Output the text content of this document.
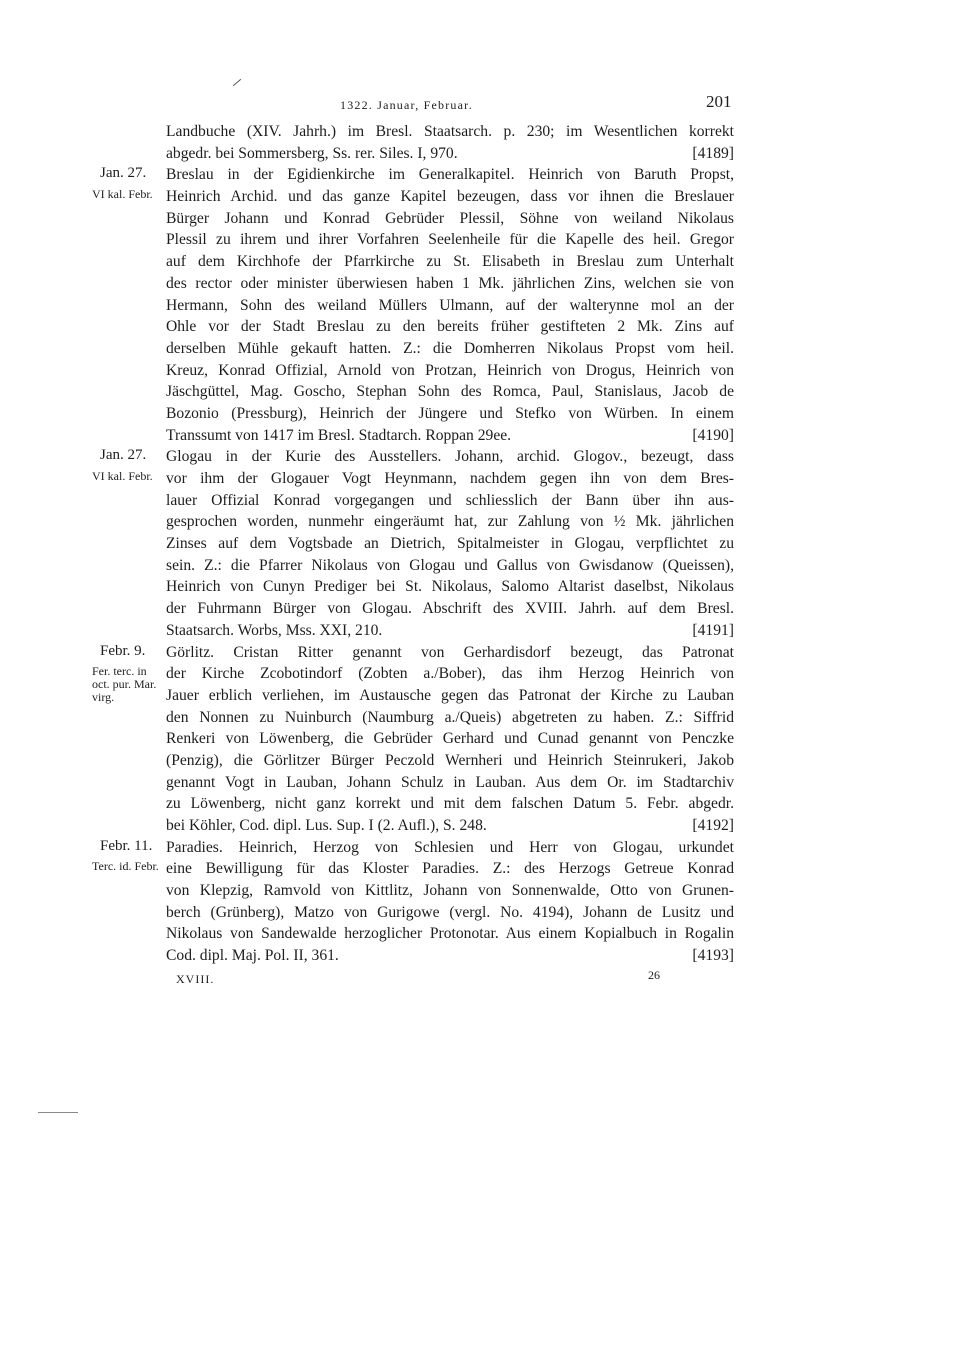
1322. Januar, Februar.	201
Landbuche (XIV. Jahrh.) im Bresl. Staatsarch. p. 230; im Wesentlichen korrekt
abgedr. bei Sommersberg, Ss. rer. Siles. I, 970.	[4189]
Jan. 27. Breslau in der Egidienkirche im Generalkapitel. Heinrich von Baruth Propst,
VI kal. Febr. Heinrich Archid. und das ganze Kapitel bezeugen, dass vor ihnen die Breslauer
Bürger Johann und Konrad Gebrüder Plessil, Söhne von weiland Nikolaus
Plessil zu ihrem und ihrer Vorfahren Seelenheile für die Kapelle des heil. Gregor
auf dem Kirchhofe der Pfarrkirche zu St. Elisabeth in Breslau zum Unterhalt
des rector oder minister überwiesen haben 1 Mk. jährlichen Zins, welchen sie von
Hermann, Sohn des weiland Müllers Ulmann, auf der walterynne mol an der
Ohle vor der Stadt Breslau zu den bereits früher gestifteten 2 Mk. Zins auf
derselben Mühle gekauft hatten. Z.: die Domherren Nikolaus Propst vom heil.
Kreuz, Konrad Offizial, Arnold von Protzan, Heinrich von Drogus, Heinrich von
Jäschgüttel, Mag. Goscho, Stephan Sohn des Romca, Paul, Stanislaus, Jacob de
Bozonio (Pressburg), Heinrich der Jüngere und Stefko von Würben. In einem
Transsumt von 1417 im Bresl. Stadtarch. Roppan 29ee.	[4190]
Jan. 27. Glogau in der Kurie des Ausstellers. Johann, archid. Glogov., bezeugt, dass
VI kal. Febr. vor ihm der Glogauer Vogt Heynmann, nachdem gegen ihn von dem Bres-
lauer Offizial Konrad vorgegangen und schliesslich der Bann über ihn aus-
gesprochen worden, nunmehr eingeräumt hat, zur Zahlung von ½ Mk. jährlichen
Zinses auf dem Vogtsbade an Dietrich, Spitalmeister in Glogau, verpflichtet zu
sein. Z.: die Pfarrer Nikolaus von Glogau und Gallus von Gwisdanow (Queissen),
Heinrich von Cunyn Prediger bei St. Nikolaus, Salomo Altarist daselbst, Nikolaus
der Fuhrmann Bürger von Glogau. Abschrift des XVIII. Jahrh. auf dem Bresl.
Staatsarch. Worbs, Mss. XXI, 210.	[4191]
Febr. 9. Görlitz. Cristan Ritter genannt von Gerhardisdorf bezeugt, das Patronat
Fer. terc. in oct. pur. Mar. virg.
der Kirche Zcobotindorf (Zobten a./Bober), das ihm Herzog Heinrich von
Jauer erblich verliehen, im Austausche gegen das Patronat der Kirche zu Lauban
den Nonnen zu Nuinburch (Naumburg a./Queis) abgetreten zu haben. Z.: Siffrid
Renkeri von Löwenberg, die Gebrüder Gerhard und Cunad genannt von Penczke
(Penzig), die Görlitzer Bürger Peczold Wernheri und Heinrich Steinrukeri, Jakob
genannt Vogt in Lauban, Johann Schulz in Lauban. Aus dem Or. im Stadtarchiv
zu Löwenberg, nicht ganz korrekt und mit dem falschen Datum 5. Febr. abgedr.
bei Köhler, Cod. dipl. Lus. Sup. I (2. Aufl.), S. 248.	[4192]
Febr. 11. Paradies. Heinrich, Herzog von Schlesien und Herr von Glogau, urkundet
Terc. id. Febr. eine Bewilligung für das Kloster Paradies. Z.: des Herzogs Getreue Konrad
von Klepzig, Ramvold von Kittlitz, Johann von Sonnenwalde, Otto von Grunen-
berch (Grünberg), Matzo von Gurigowe (vergl. No. 4194), Johann de Lusitz und
Nikolaus von Sandewalde herzoglicher Protonotar. Aus einem Kopialbuch in Rogalin
Cod. dipl. Maj. Pol. II, 361.	[4193]
XVIII.	26
